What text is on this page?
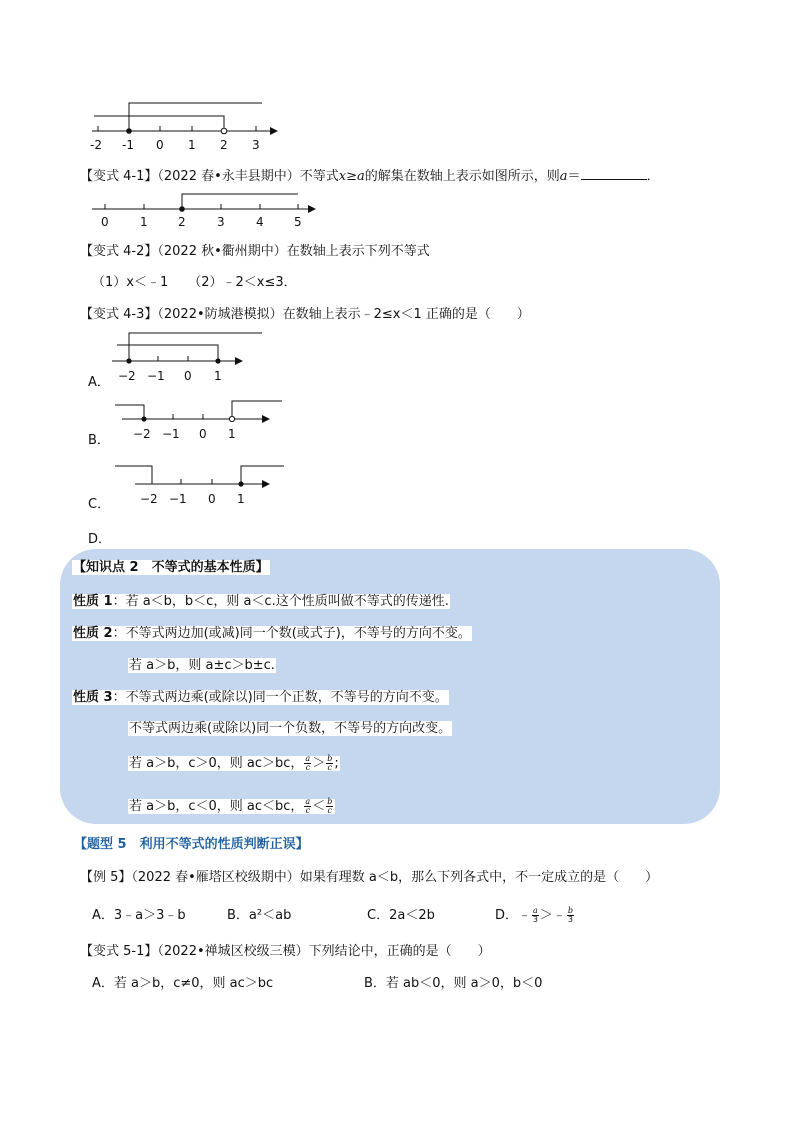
-2 -1 0 1 2 3
【变式 4-1】（2022 春•永丰县期中）不等式x≥a的解集在数轴上表示如图所示，则a＝	．
0	1	2	3	4	5
【变式 4-2】（2022 秋•衢州期中）在数轴上表示下列不等式
（1）x＜﹣1 （2）﹣2＜x≤3．
【变式 4-3】（2022•防城港模拟）在数轴上表示﹣2≤x＜1 正确的是（　　）
A． −2 −1 0 1
B． −2 −1 0 1
C． −2 −1 0 1
D．
【知识点 2　不等式的基本性质】
性质 1：若 a＜b，b＜c，则 a＜c.这个性质叫做不等式的传递性.
性质 2：不等式两边加(或减)同一个数(或式子)，不等号的方向不变。
若 a＞b，则 a±c＞b±c.
性质 3：不等式两边乘(或除以)同一个正数，不等号的方向不变。
不等式两边乘(或除以)同一个负数，不等号的方向改变。
若 a＞b，c＞0，则 ac＞bc， $\frac{a}{c} > \frac{b}{c}$ ;
若 a＞b，c＜0，则 ac＜bc， $\frac{a}{c} < \frac{b}{c}$
【题型 5　利用不等式的性质判断正误】
【例 5】（2022 春•雁塔区校级期中）如果有理数 a＜b，那么下列各式中，不一定成立的是（　　）
A．3﹣a＞3﹣b	B．a²＜ab	C．2a＜2b	D．﹣ $\frac{a}{3}$ ＞﹣ $\frac{b}{3}$
【变式 5-1】（2022•禅城区校级三模）下列结论中，正确的是（　　）
A．若 a＞b，c≠0，则 ac＞bc	B．若 ab＜0，则 a＞0，b＜0
